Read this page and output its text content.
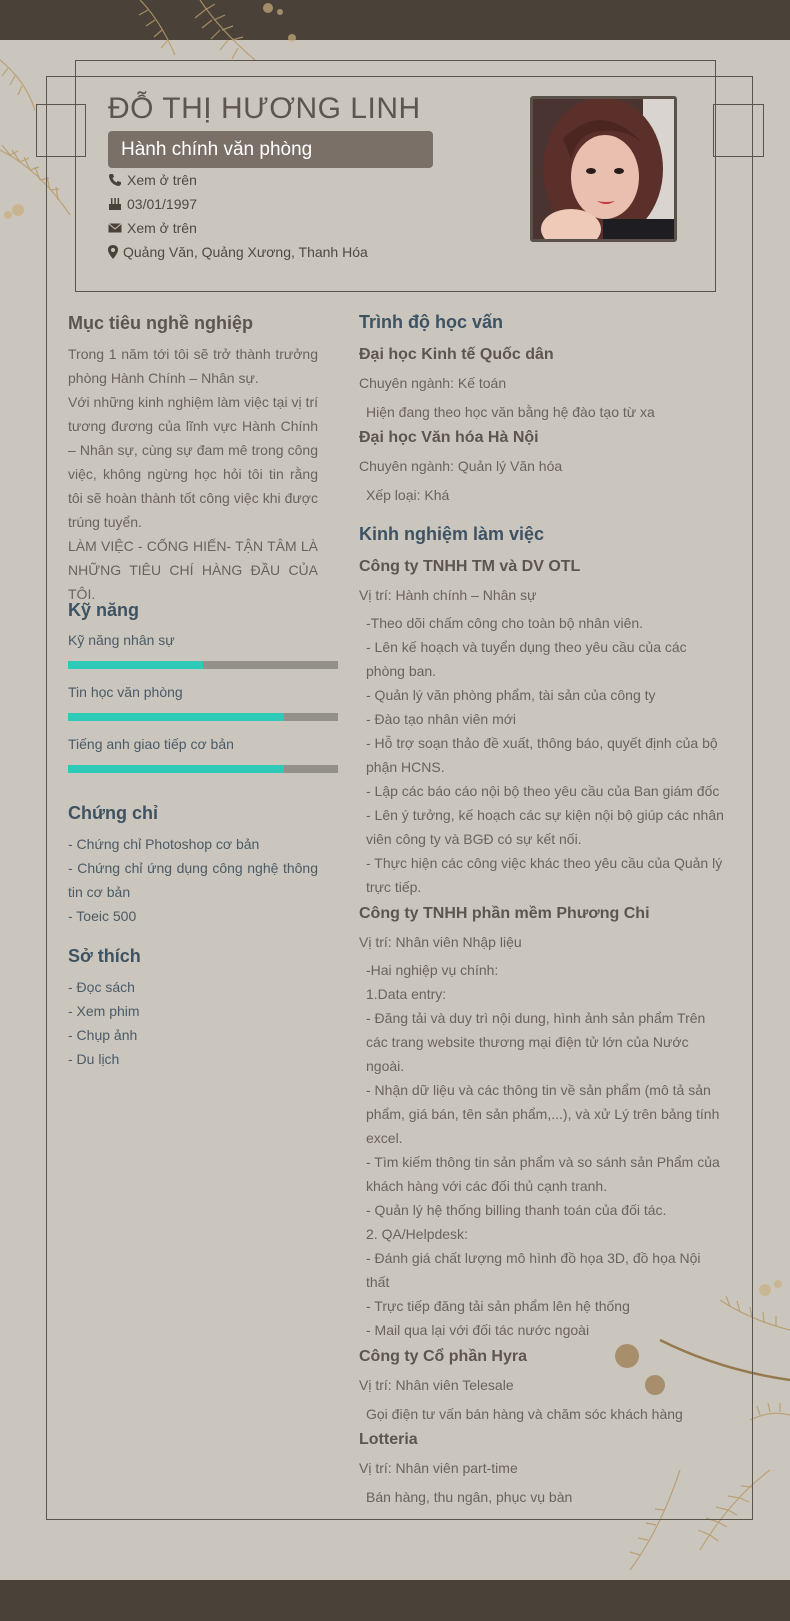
ĐỖ THỊ HƯƠNG LINH
Hành chính văn phòng
Xem ở trên
03/01/1997
Xem ở trên
Quảng Văn, Quảng Xương, Thanh Hóa
Mục tiêu nghề nghiệp
Trong 1 năm tới tôi sẽ trở thành trưởng phòng Hành Chính – Nhân sự.
Với những kinh nghiệm làm việc tại vị trí tương đương của lĩnh vực Hành Chính – Nhân sự, cùng sự đam mê trong công việc, không ngừng học hỏi tôi tin rằng tôi sẽ hoàn thành tốt công việc khi được trúng tuyển.
LÀM VIỆC - CỐNG HIẾN- TẬN TÂM LÀ NHỮNG TIÊU CHÍ HÀNG ĐẦU CỦA TÔI.
Kỹ năng
Kỹ năng nhân sự
Tin học văn phòng
Tiếng anh giao tiếp cơ bản
Chứng chỉ
- Chứng chỉ Photoshop cơ bản
- Chứng chỉ ứng dụng công nghệ thông tin cơ bản
- Toeic 500
Sở thích
- Đọc sách
- Xem phim
- Chụp ảnh
- Du lịch
Trình độ học vấn
Đại học Kinh tế Quốc dân
Chuyên ngành: Kế toán
Hiện đang theo học văn bằng hệ đào tạo từ xa
Đại học Văn hóa Hà Nội
Chuyên ngành: Quản lý Văn hóa
Xếp loại: Khá
Kinh nghiệm làm việc
Công ty TNHH TM và DV OTL
Vị trí: Hành chính – Nhân sự
-Theo dõi chấm công cho toàn bộ nhân viên.
- Lên kế hoạch và tuyển dụng theo yêu cầu của các
phòng ban.
- Quản lý văn phòng phẩm, tài sản của công ty
- Đào tạo nhân viên mới
- Hỗ trợ soạn thảo đề xuất, thông báo, quyết định của bộ
phận HCNS.
- Lập các báo cáo nội bộ theo yêu cầu của Ban giám đốc
- Lên ý tưởng, kế hoạch các sự kiện nội bộ giúp các nhân
viên công ty và BGĐ có sự kết nối.
- Thực hiện các công việc khác theo yêu cầu của Quản lý
trực tiếp.
Công ty TNHH phần mềm Phương Chi
Vị trí: Nhân viên Nhập liệu
-Hai nghiệp vụ chính:
1.Data entry:
- Đăng tải và duy trì nội dung, hình ảnh sản phẩm Trên
các trang website thương mại điện tử lớn của Nước
ngoài.
- Nhận dữ liệu và các thông tin về sản phẩm (mô tả sản
phẩm, giá bán, tên sản phẩm,...), và xử Lý trên bảng tính
excel.
- Tìm kiếm thông tin sản phẩm và so sánh sản Phẩm của
khách hàng với các đối thủ cạnh tranh.
- Quản lý hệ thống billing thanh toán của đối tác.
2. QA/Helpdesk:
- Đánh giá chất lượng mô hình đồ họa 3D, đồ họa Nội
thất
- Trực tiếp đăng tải sản phẩm lên hệ thống
- Mail qua lại với đối tác nước ngoài
Công ty Cổ phần Hyra
Vị trí: Nhân viên Telesale
Gọi điện tư vấn bán hàng và chăm sóc khách hàng
Lotteria
Vị trí: Nhân viên part-time
Bán hàng, thu ngân, phục vụ bàn
